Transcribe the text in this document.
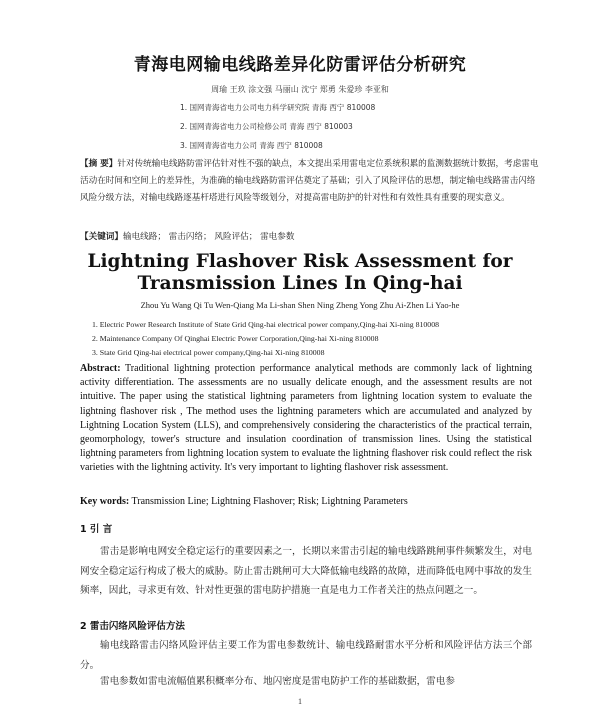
青海电网输电线路差异化防雷评估分析研究
周瑜 王玖 涂文强 马丽山 沈宁 郑勇 朱爱珍 李亚和
1. 国网青海省电力公司电力科学研究院 青海 西宁 810008
2. 国网青海省电力公司检修公司 青海 西宁 810003
3. 国网青海省电力公司 青海 西宁 810008
【摘 要】针对传统输电线路防雷评估针对性不强的缺点，本文提出采用雷电定位系统积累的监测数据统计数据，考虑雷电活动在时间和空间上的差异性，为准确的输电线路防雷评估奠定了基础；引入了风险评估的思想，制定输电线路雷击闪络风险分级方法，对输电线路逐基杆塔进行风险等级划分，对提高雷电防护的针对性和有效性具有重要的现实意义。
【关键词】输电线路； 雷击闪络； 风险评估； 雷电参数
Lightning Flashover Risk Assessment for
Transmission Lines In Qing-hai
Zhou Yu Wang Qi Tu Wen-Qiang Ma Li-shan Shen Ning Zheng Yong Zhu Ai-Zhen Li Yao-he
1. Electric Power Research Institute of State Grid Qing-hai electrical power company,Qing-hai Xi-ning 810008
2. Maintenance Company Of Qinghai Electric Power Corporation,Qing-hai Xi-ning 810008
3. State Grid Qing-hai electrical power company,Qing-hai Xi-ning 810008
Abstract: Traditional lightning protection performance analytical methods are commonly lack of lightning activity differentiation. The assessments are no usually delicate enough, and the assessment results are not intuitive. The paper using the statistical lightning parameters from lightning location system to evaluate the lightning flashover risk , The method uses the lightning parameters which are accumulated and analyzed by Lightning Location System (LLS), and comprehensively considering the characteristics of the practical terrain, geomorphology, tower's structure and insulation coordination of transmission lines. Using the statistical lightning parameters from lightning location system to evaluate the lightning flashover risk could reflect the risk varieties with the lightning activity. It's very important to lighting flashover risk assessment.
Key words: Transmission Line; Lightning Flashover; Risk; Lightning Parameters
1 引 言
雷击是影响电网安全稳定运行的重要因素之一，长期以来雷击引起的输电线路跳闸事件频繁发生，对电网安全稳定运行构成了极大的威胁。防止雷击跳闸可大大降低输电线路的故障，进而降低电网中事故的发生频率，因此，寻求更有效、针对性更强的雷电防护措施一直是电力工作者关注的热点问题之一。
2 雷击闪络风险评估方法
输电线路雷击闪络风险评估主要工作为雷电参数统计、输电线路耐雷水平分析和风险评估方法三个部分。
雷电参数如雷电流幅值累积概率分布、地闪密度是雷电防护工作的基础数据，雷电参
1
